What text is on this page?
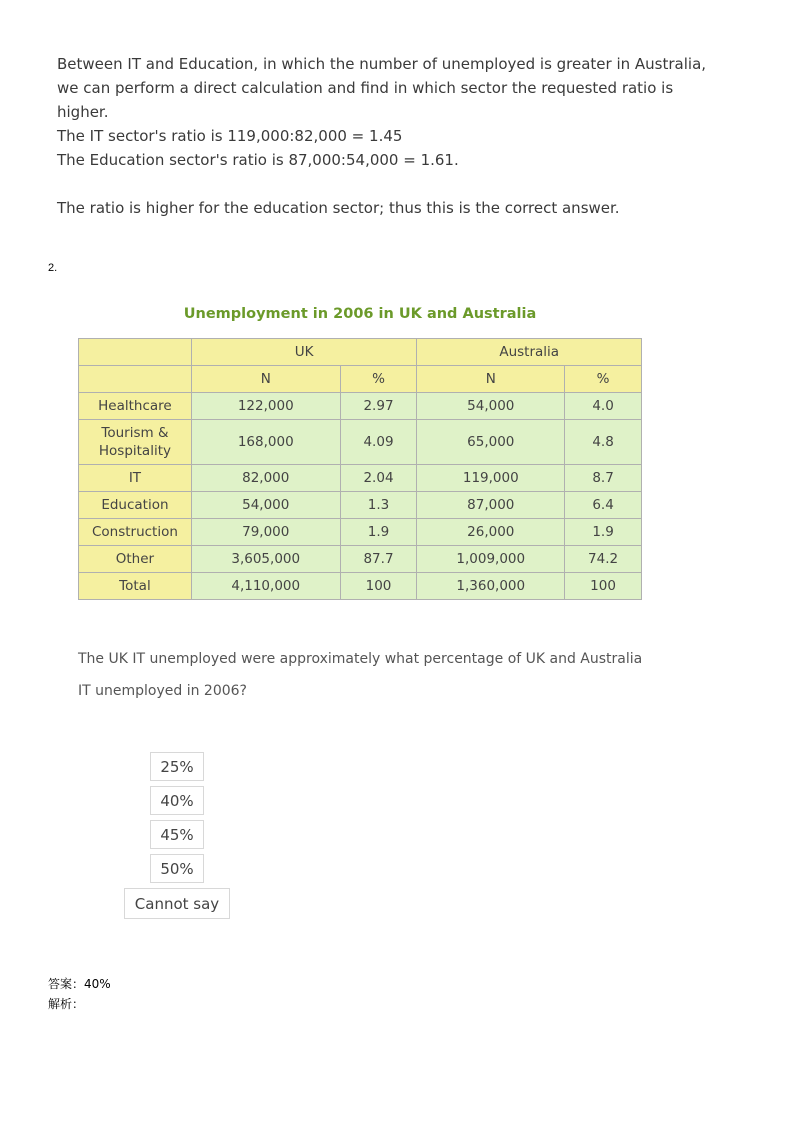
Between IT and Education, in which the number of unemployed is greater in Australia,

we can perform a direct calculation and find in which sector the requested ratio is

higher.

The IT sector's ratio is 119,000:82,000 = 1.45

The Education sector's ratio is 87,000:54,000 = 1.61.

The ratio is higher for the education sector; thus this is the correct answer.

2.
Unemployment in 2006 in UK and Australia
	UK		Australia	
	N	%	N	%
Healthcare	122,000	2.97	54,000	4.0
Tourism &
Hospitality	168,000	4.09	65,000	4.8
IT	82,000	2.04	119,000	8.7
Education	54,000	1.3	87,000	6.4
Construction	79,000	1.9	26,000	1.9
Other	3,605,000	87.7	1,009,000	74.2
Total	4,110,000	100	1,360,000	100

The UK IT unemployed were approximately what percentage of UK and Australia

IT unemployed in 2006?

25%
40%
45%
50%
Cannot say

答案：40%

解析：
